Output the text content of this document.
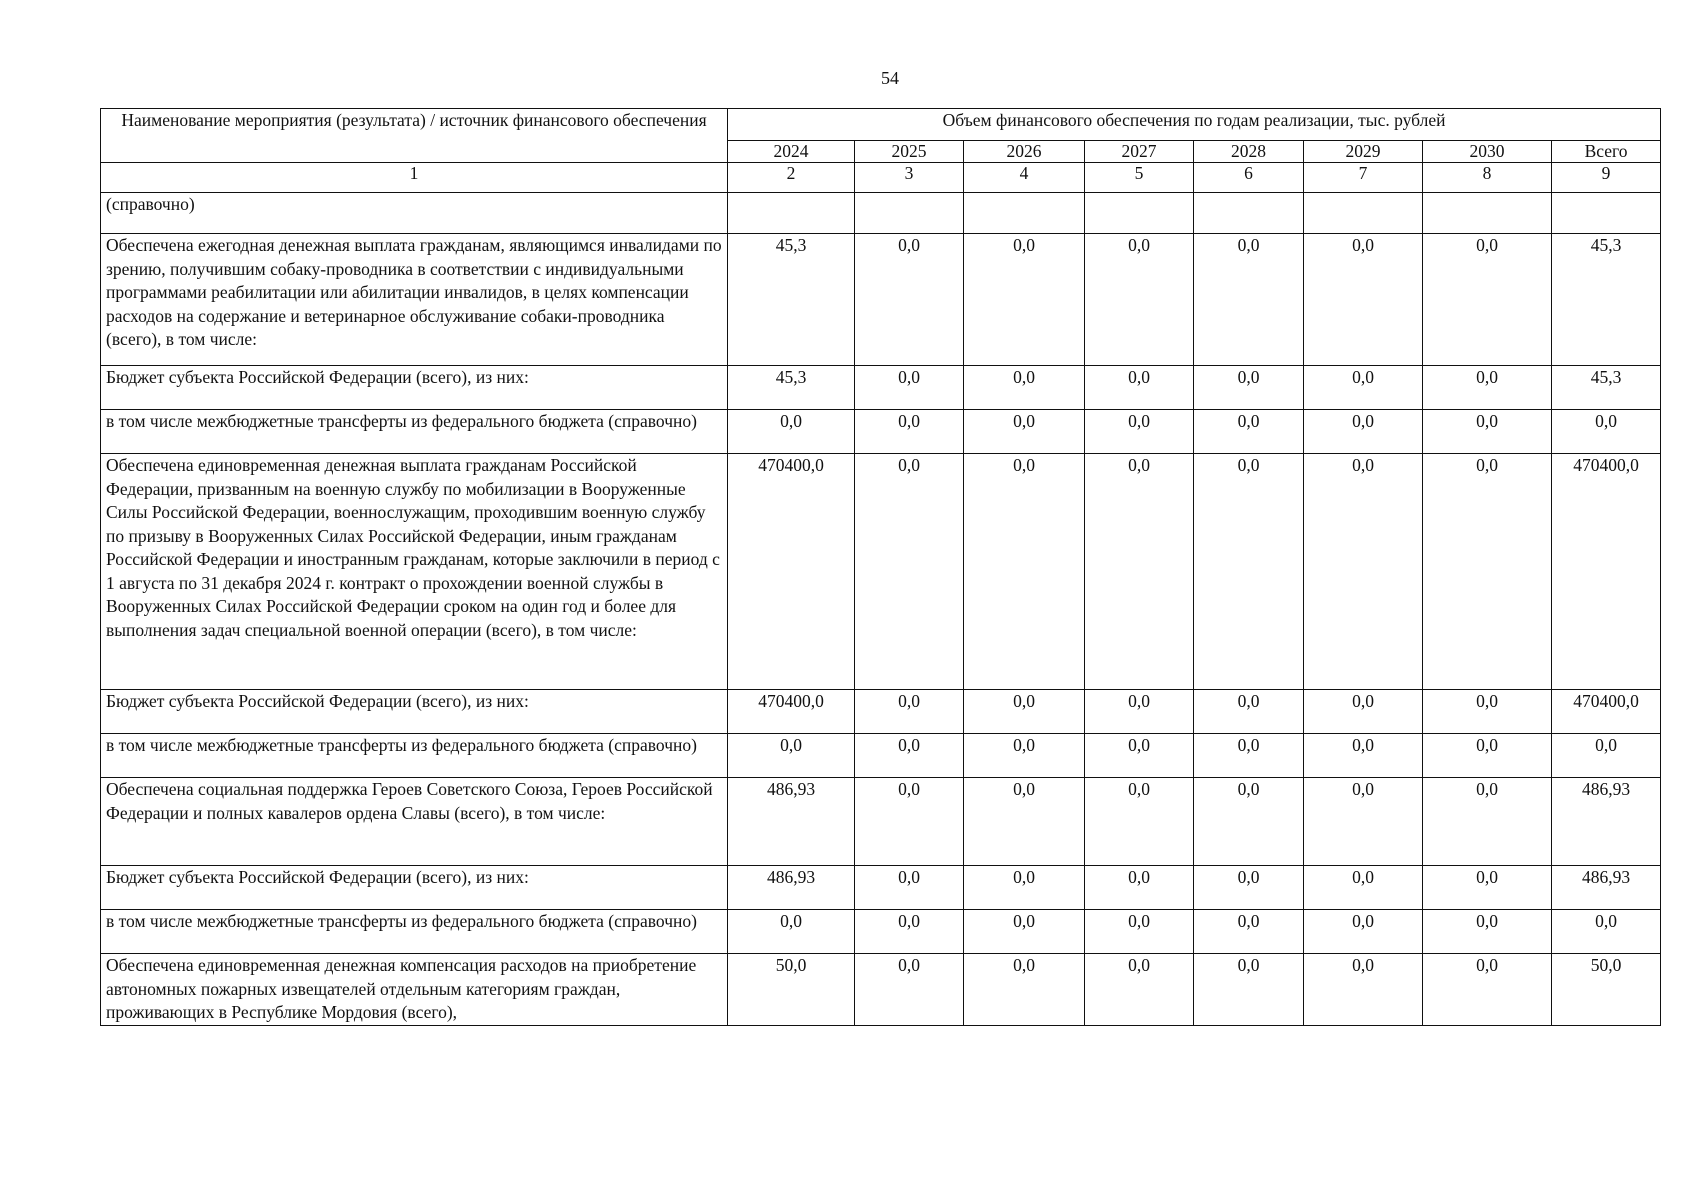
54
Наименование мероприятия (результата) / источник финансового обеспечения	Объем финансового обеспечения по годам реализации, тыс. рублей							
	2024	2025	2026	2027	2028	2029	2030	Всего
1	2	3	4	5	6	7	8	9
(справочно)								
Обеспечена ежегодная денежная выплата гражданам, являющимся инвалидами по зрению, получившим собаку-проводника в соответствии с индивидуальными программами реабилитации или абилитации инвалидов, в целях компенсации расходов на содержание и ветеринарное обслуживание собаки-проводника (всего), в том числе:	45,3	0,0	0,0	0,0	0,0	0,0	0,0	45,3
Бюджет субъекта Российской Федерации (всего), из них:	45,3	0,0	0,0	0,0	0,0	0,0	0,0	45,3
в том числе межбюджетные трансферты из федерального бюджета (справочно)	0,0	0,0	0,0	0,0	0,0	0,0	0,0	0,0
Обеспечена единовременная денежная выплата гражданам Российской Федерации, призванным на военную службу по мобилизации в Вооруженные Силы Российской Федерации, военнослужащим, проходившим военную службу по призыву в Вооруженных Силах Российской Федерации, иным гражданам Российской Федерации и иностранным гражданам, которые заключили в период с 1 августа по 31 декабря 2024 г. контракт о прохождении военной службы в Вооруженных Силах Российской Федерации сроком на один год и более для выполнения задач специальной военной операции (всего), в том числе:	470400,0	0,0	0,0	0,0	0,0	0,0	0,0	470400,0
Бюджет субъекта Российской Федерации (всего), из них:	470400,0	0,0	0,0	0,0	0,0	0,0	0,0	470400,0
в том числе межбюджетные трансферты из федерального бюджета (справочно)	0,0	0,0	0,0	0,0	0,0	0,0	0,0	0,0
Обеспечена социальная поддержка Героев Советского Союза, Героев Российской Федерации и полных кавалеров ордена Славы (всего), в том числе:	486,93	0,0	0,0	0,0	0,0	0,0	0,0	486,93
Бюджет субъекта Российской Федерации (всего), из них:	486,93	0,0	0,0	0,0	0,0	0,0	0,0	486,93
в том числе межбюджетные трансферты из федерального бюджета (справочно)	0,0	0,0	0,0	0,0	0,0	0,0	0,0	0,0
Обеспечена единовременная денежная компенсация расходов на приобретение автономных пожарных извещателей отдельным категориям граждан, проживающих в Республике Мордовия (всего),	50,0	0,0	0,0	0,0	0,0	0,0	0,0	50,0
